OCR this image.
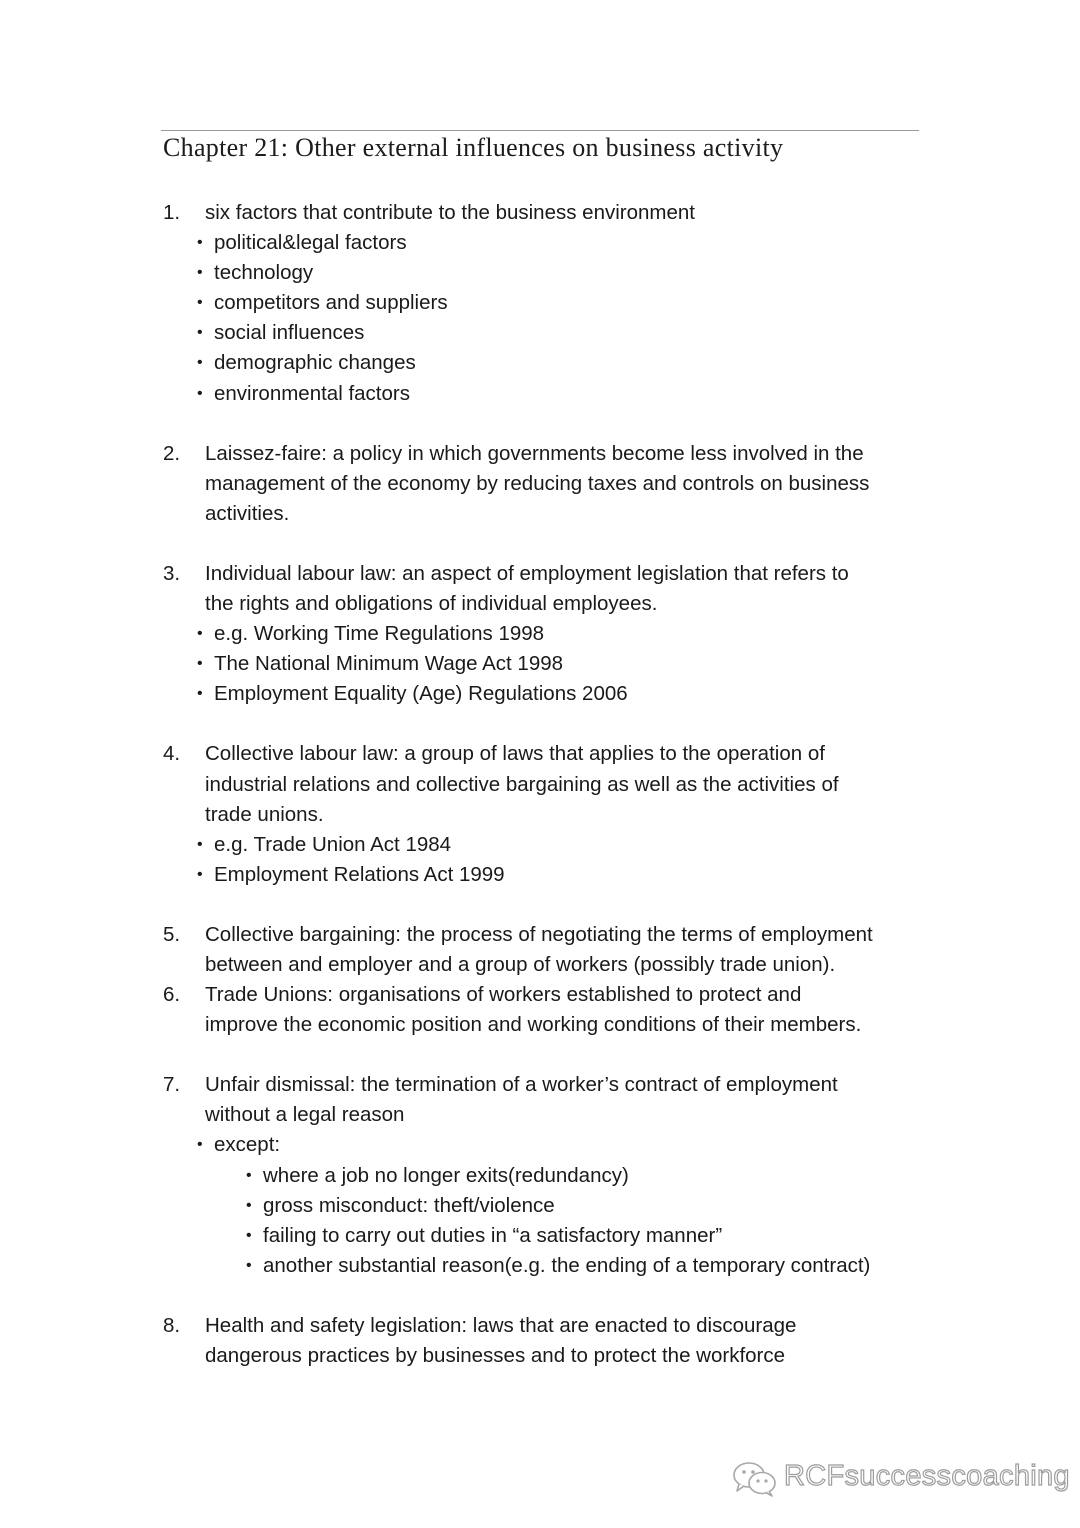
Chapter 21: Other external influences on business activity
1. six factors that contribute to the business environment
• political&legal factors
• technology
• competitors and suppliers
• social influences
• demographic changes
• environmental factors
2. Laissez-faire: a policy in which governments become less involved in the
management of the economy by reducing taxes and controls on business
activities.
3. Individual labour law: an aspect of employment legislation that refers to
the rights and obligations of individual employees.
• e.g. Working Time Regulations 1998
• The National Minimum Wage Act 1998
• Employment Equality (Age) Regulations 2006
4. Collective labour law: a group of laws that applies to the operation of
industrial relations and collective bargaining as well as the activities of
trade unions.
• e.g. Trade Union Act 1984
• Employment Relations Act 1999
5. Collective bargaining: the process of negotiating the terms of employment
between and employer and a group of workers (possibly trade union).
6. Trade Unions: organisations of workers established to protect and
improve the economic position and working conditions of their members.
7. Unfair dismissal: the termination of a worker’s contract of employment
without a legal reason
• except:
• where a job no longer exits(redundancy)
• gross misconduct: theft/violence
• failing to carry out duties in “a satisfactory manner”
• another substantial reason(e.g. the ending of a temporary contract)
8. Health and safety legislation: laws that are enacted to discourage
dangerous practices by businesses and to protect the workforce
RCFsuccesscoaching
